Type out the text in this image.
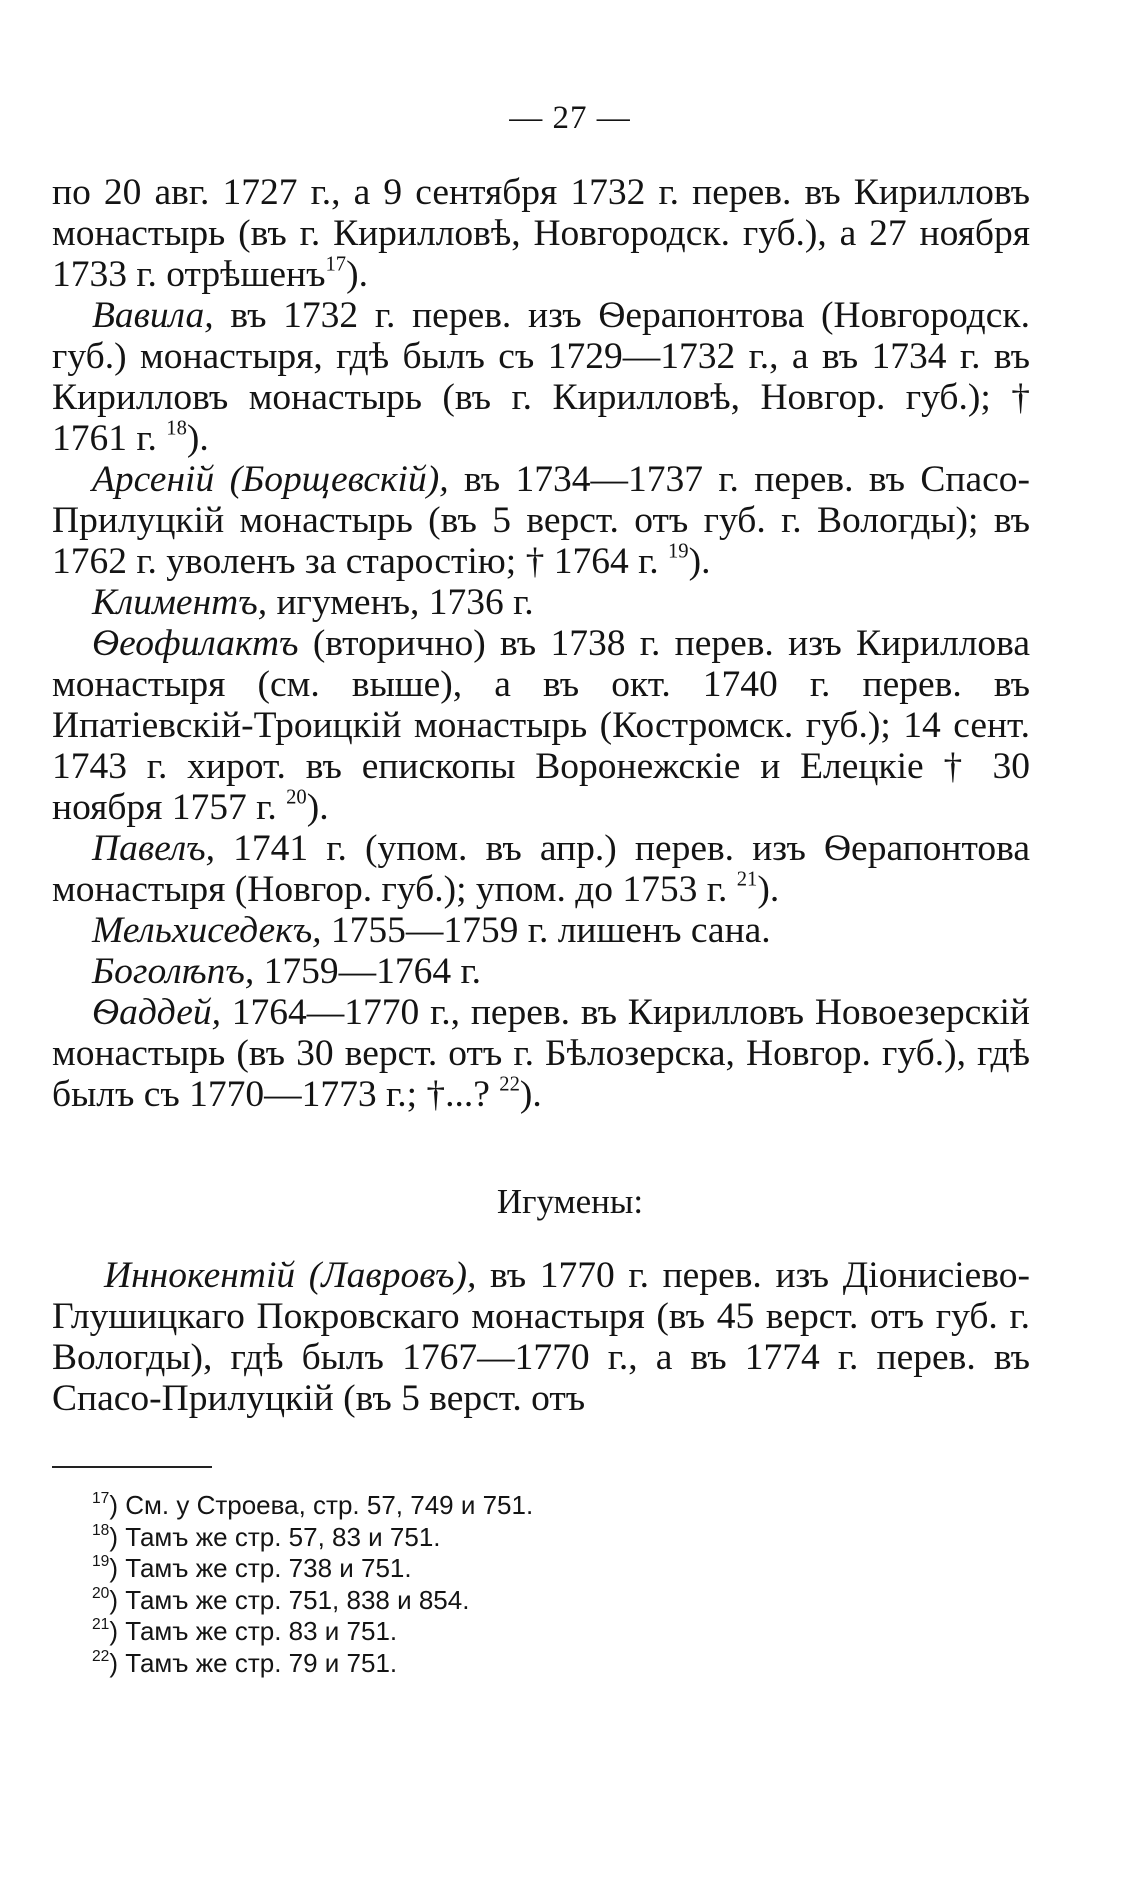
— 27 —

по 20 авг. 1727 г., а 9 сентября 1732 г. перев. въ Кирилловъ монастырь (въ г. Кирилловѣ, Новгородск. губ.), а 27 ноября 1733 г. отрѣшенъ$^{17}$).

Вавила, въ 1732 г. перев. изъ Ѳерапонтова (Новгородск. губ.) монастыря, гдѣ былъ съ 1729—1732 г., а въ 1734 г. въ Кирилловъ монастырь (въ г. Кирилловѣ, Новгор. губ.); † 1761 г. $^{18}$).

Арсеній (Борщевскій), въ 1734—1737 г. перев. въ Спасо-Прилуцкій монастырь (въ 5 верст. отъ губ. г. Вологды); въ 1762 г. уволенъ за старостію; † 1764 г. $^{19}$).

Климентъ, игуменъ, 1736 г.

Ѳеофилактъ (вторично) въ 1738 г. перев. изъ Кириллова монастыря (см. выше), а въ окт. 1740 г. перев. въ Ипатіевскій-Троицкій монастырь (Костромск. губ.); 14 сент. 1743 г. хирот. въ епископы Воронежскіе и Елецкіе † 30 ноября 1757 г. $^{20}$).

Павелъ, 1741 г. (упом. въ апр.) перев. изъ Ѳерапонтова монастыря (Новгор. губ.); упом. до 1753 г. $^{21}$).

Мельхиседекъ, 1755—1759 г. лишенъ сана.

Боголѣпъ, 1759—1764 г.

Ѳаддей, 1764—1770 г., перев. въ Кирилловъ Новоезерскій монастырь (въ 30 верст. отъ г. Бѣлозерска, Новгор. губ.), гдѣ былъ съ 1770—1773 г.; †...? $^{22}$).

Игумены:

Иннокентій (Лавровъ), въ 1770 г. перев. изъ Діонисіево-Глушицкаго Покровскаго монастыря (въ 45 верст. отъ губ. г. Вологды), гдѣ былъ 1767—1770 г., а въ 1774 г. перев. въ Спасо-Прилуцкій (въ 5 верст. отъ

$^{17}$) См. у Строева, стр. 57, 749 и 751.

$^{18}$) Тамъ же стр. 57, 83 и 751.

$^{19}$) Тамъ же стр. 738 и 751.

$^{20}$) Тамъ же стр. 751, 838 и 854.

$^{21}$) Тамъ же стр. 83 и 751.

$^{22}$) Тамъ же стр. 79 и 751.
